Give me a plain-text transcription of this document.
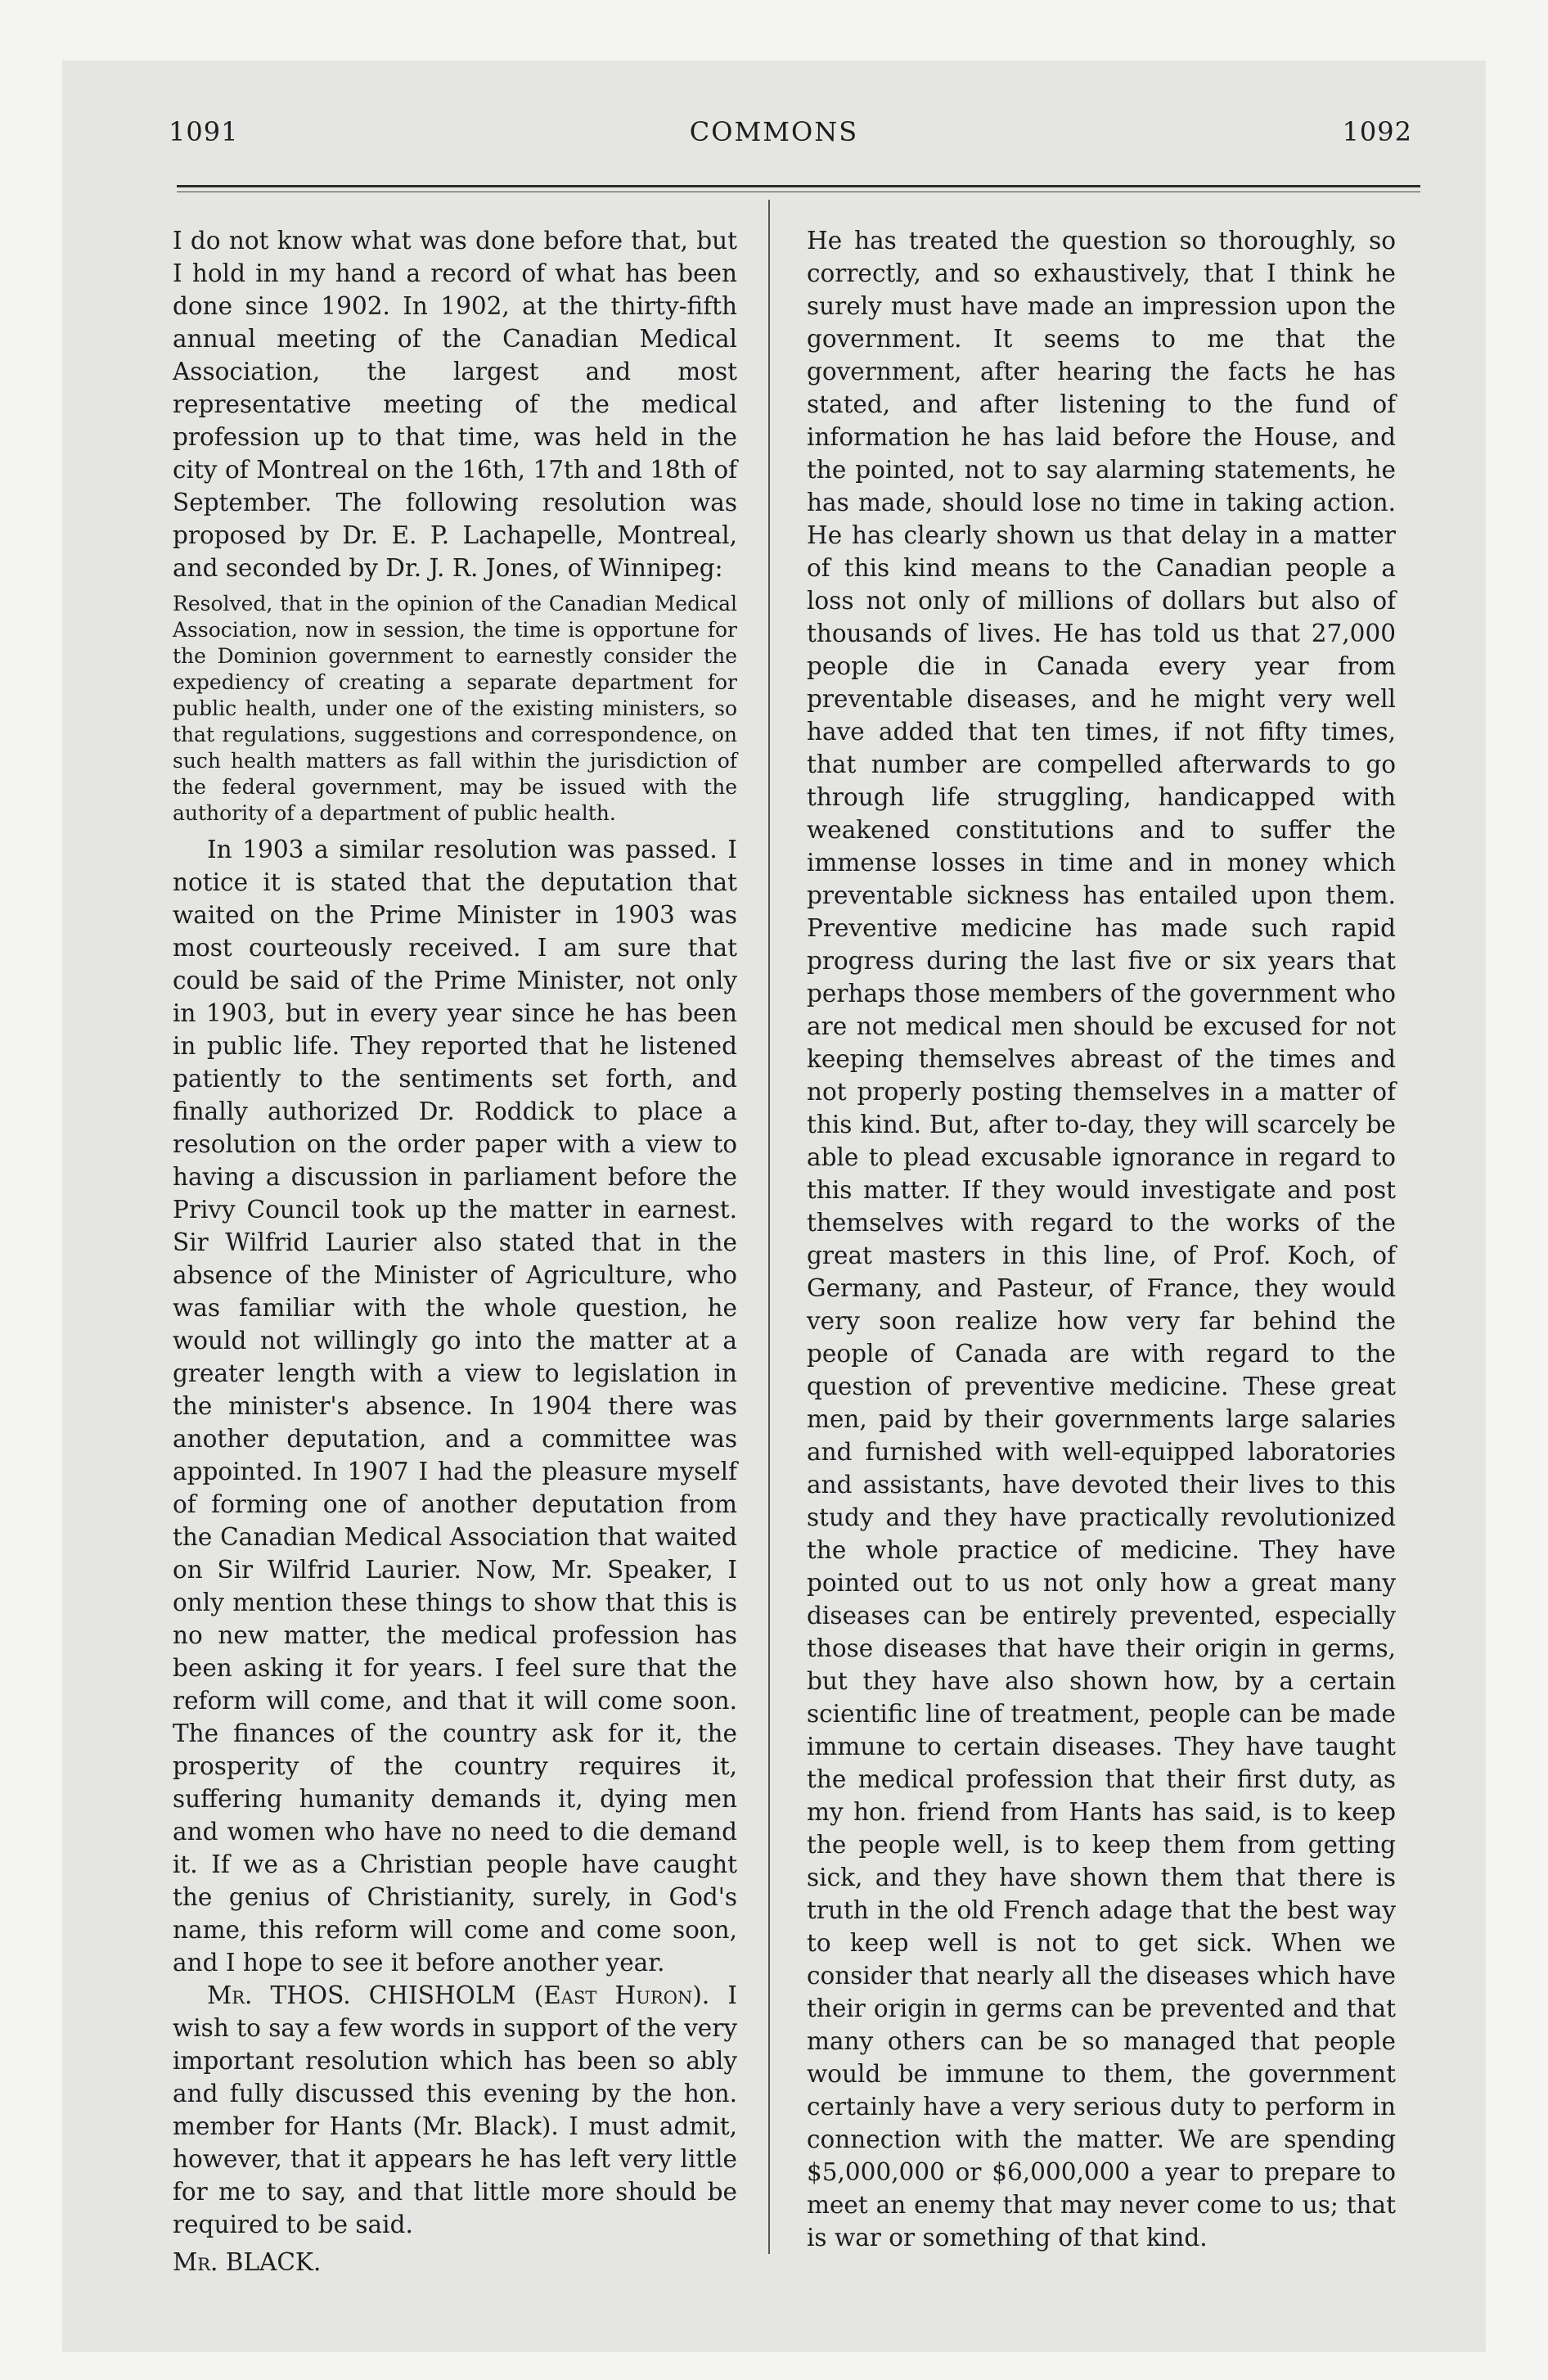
1091	COMMONS	1092

I do not know what was done before that, but I hold in my hand a record of what has been done since 1902. In 1902, at the thirty-fifth annual meeting of the Canadian Medical Association, the largest and most representative meeting of the medical profession up to that time, was held in the city of Montreal on the 16th, 17th and 18th of September. The following resolution was proposed by Dr. E. P. Lachapelle, Montreal, and seconded by Dr. J. R. Jones, of Winnipeg:

Resolved, that in the opinion of the Canadian Medical Association, now in session, the time is opportune for the Dominion government to earnestly consider the expediency of creating a separate department for public health, under one of the existing ministers, so that regulations, suggestions and correspondence, on such health matters as fall within the jurisdiction of the federal government, may be issued with the authority of a department of public health.

In 1903 a similar resolution was passed. I notice it is stated that the deputation that waited on the Prime Minister in 1903 was most courteously received. I am sure that could be said of the Prime Minister, not only in 1903, but in every year since he has been in public life. They reported that he listened patiently to the sentiments set forth, and finally authorized Dr. Roddick to place a resolution on the order paper with a view to having a discussion in parliament before the Privy Council took up the matter in earnest. Sir Wilfrid Laurier also stated that in the absence of the Minister of Agriculture, who was familiar with the whole question, he would not willingly go into the matter at a greater length with a view to legislation in the minister's absence. In 1904 there was another deputation, and a committee was appointed. In 1907 I had the pleasure myself of forming one of another deputation from the Canadian Medical Association that waited on Sir Wilfrid Laurier. Now, Mr. Speaker, I only mention these things to show that this is no new matter, the medical profession has been asking it for years. I feel sure that the reform will come, and that it will come soon. The finances of the country ask for it, the prosperity of the country requires it, suffering humanity demands it, dying men and women who have no need to die demand it. If we as a Christian people have caught the genius of Christianity, surely, in God's name, this reform will come and come soon, and I hope to see it before another year.

Mr. THOS. CHISHOLM (East Huron). I wish to say a few words in support of the very important resolution which has been so ably and fully discussed this evening by the hon. member for Hants (Mr. Black). I must admit, however, that it appears he has left very little for me to say, and that little more should be required to be said.

Mr. BLACK.

He has treated the question so thoroughly, so correctly, and so exhaustively, that I think he surely must have made an impression upon the government. It seems to me that the government, after hearing the facts he has stated, and after listening to the fund of information he has laid before the House, and the pointed, not to say alarming statements, he has made, should lose no time in taking action. He has clearly shown us that delay in a matter of this kind means to the Canadian people a loss not only of millions of dollars but also of thousands of lives. He has told us that 27,000 people die in Canada every year from preventable diseases, and he might very well have added that ten times, if not fifty times, that number are compelled afterwards to go through life struggling, handicapped with weakened constitutions and to suffer the immense losses in time and in money which preventable sickness has entailed upon them. Preventive medicine has made such rapid progress during the last five or six years that perhaps those members of the government who are not medical men should be excused for not keeping themselves abreast of the times and not properly posting themselves in a matter of this kind. But, after to-day, they will scarcely be able to plead excusable ignorance in regard to this matter. If they would investigate and post themselves with regard to the works of the great masters in this line, of Prof. Koch, of Germany, and Pasteur, of France, they would very soon realize how very far behind the people of Canada are with regard to the question of preventive medicine. These great men, paid by their governments large salaries and furnished with well-equipped laboratories and assistants, have devoted their lives to this study and they have practically revolutionized the whole practice of medicine. They have pointed out to us not only how a great many diseases can be entirely prevented, especially those diseases that have their origin in germs, but they have also shown how, by a certain scientific line of treatment, people can be made immune to certain diseases. They have taught the medical profession that their first duty, as my hon. friend from Hants has said, is to keep the people well, is to keep them from getting sick, and they have shown them that there is truth in the old French adage that the best way to keep well is not to get sick. When we consider that nearly all the diseases which have their origin in germs can be prevented and that many others can be so managed that people would be immune to them, the government certainly have a very serious duty to perform in connection with the matter. We are spending $5,000,000 or $6,000,000 a year to prepare to meet an enemy that may never come to us; that is war or something of that kind.
